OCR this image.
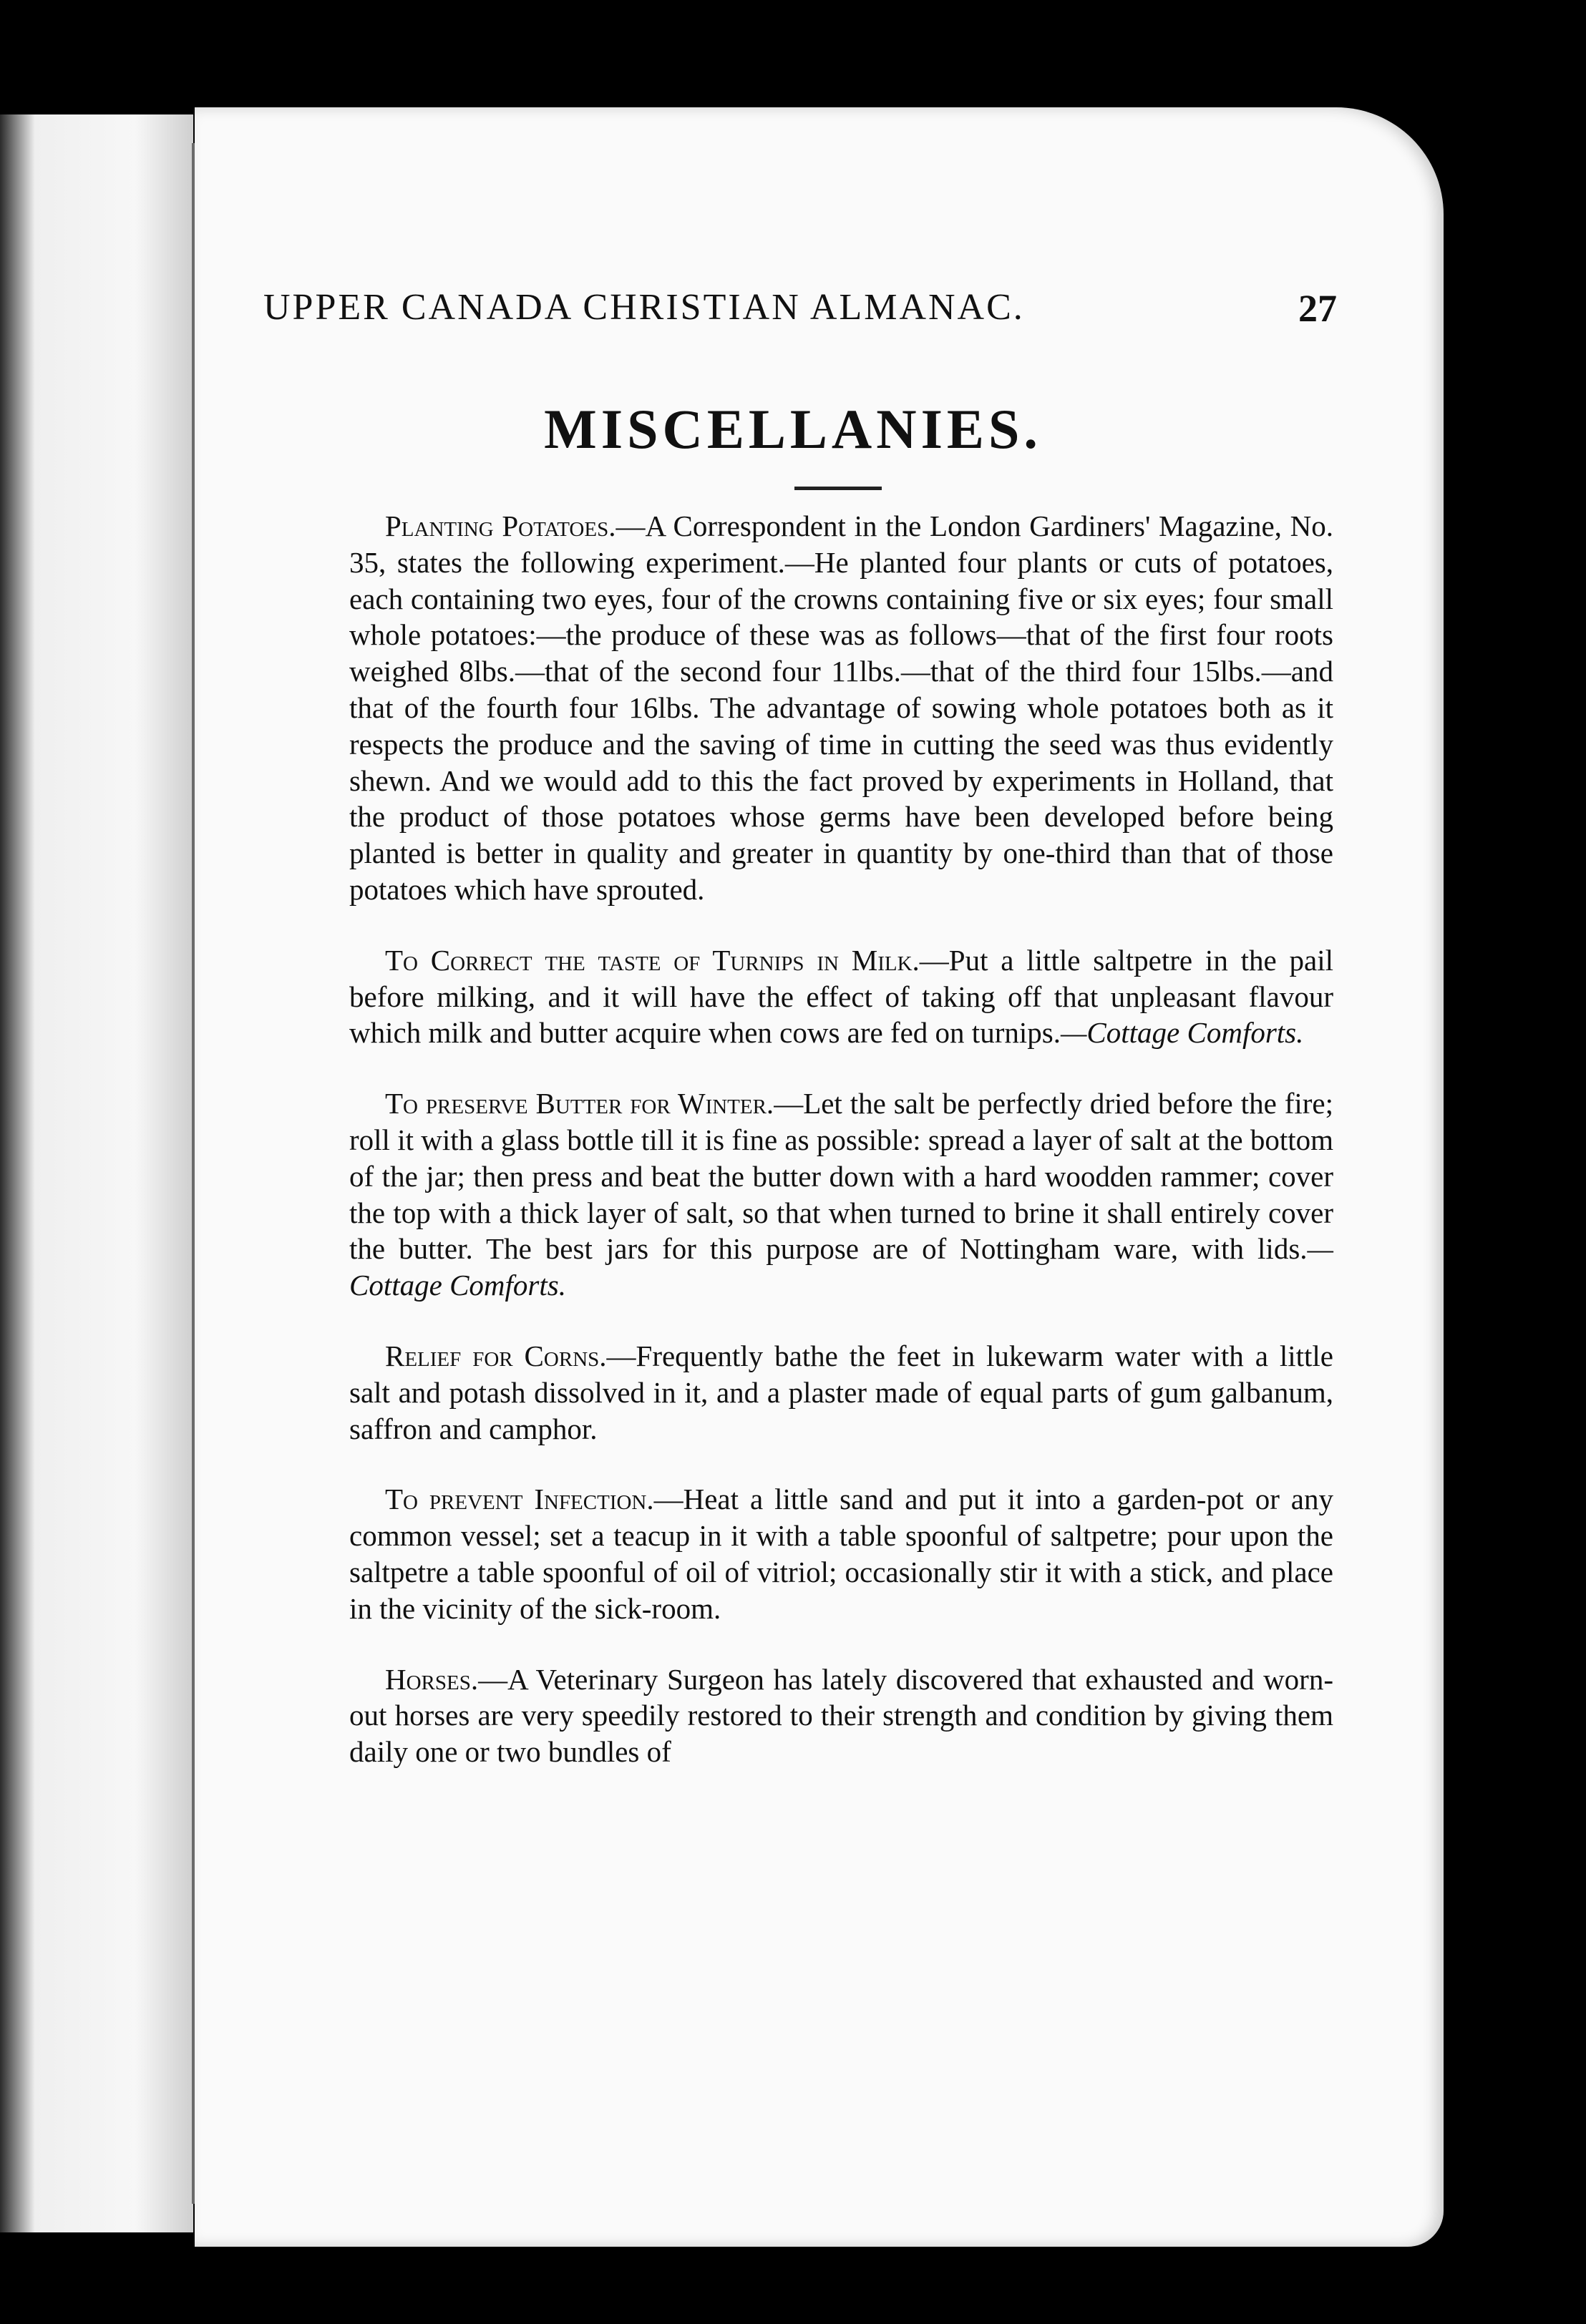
UPPER CANADA CHRISTIAN ALMANAC.	27
MISCELLANIES.

Planting Potatoes.—A Correspondent in the London Gardiners' Magazine, No. 35, states the following experiment.—He planted four plants or cuts of potatoes, each containing two eyes, four of the crowns containing five or six eyes; four small whole potatoes:—the produce of these was as follows—that of the first four roots weighed 8lbs.—that of the second four 11lbs.—that of the third four 15lbs.—and that of the fourth four 16lbs. The advantage of sowing whole potatoes both as it respects the produce and the saving of time in cutting the seed was thus evidently shewn. And we would add to this the fact proved by experiments in Holland, that the product of those potatoes whose germs have been developed before being planted is better in quality and greater in quantity by one-third than that of those potatoes which have sprouted.

To Correct the taste of Turnips in Milk.—Put a little saltpetre in the pail before milking, and it will have the effect of taking off that unpleasant flavour which milk and butter acquire when cows are fed on turnips.—Cottage Comforts.

To preserve Butter for Winter.—Let the salt be perfectly dried before the fire; roll it with a glass bottle till it is fine as possible: spread a layer of salt at the bottom of the jar; then press and beat the butter down with a hard woodden rammer; cover the top with a thick layer of salt, so that when turned to brine it shall entirely cover the butter. The best jars for this purpose are of Nottingham ware, with lids.—Cottage Comforts.

Relief for Corns.—Frequently bathe the feet in lukewarm water with a little salt and potash dissolved in it, and a plaster made of equal parts of gum galbanum, saffron and camphor.

To prevent Infection.—Heat a little sand and put it into a garden-pot or any common vessel; set a teacup in it with a table spoonful of saltpetre; pour upon the saltpetre a table spoonful of oil of vitriol; occasionally stir it with a stick, and place in the vicinity of the sick-room.

Horses.—A Veterinary Surgeon has lately discovered that exhausted and worn-out horses are very speedily restored to their strength and condition by giving them daily one or two bundles of
